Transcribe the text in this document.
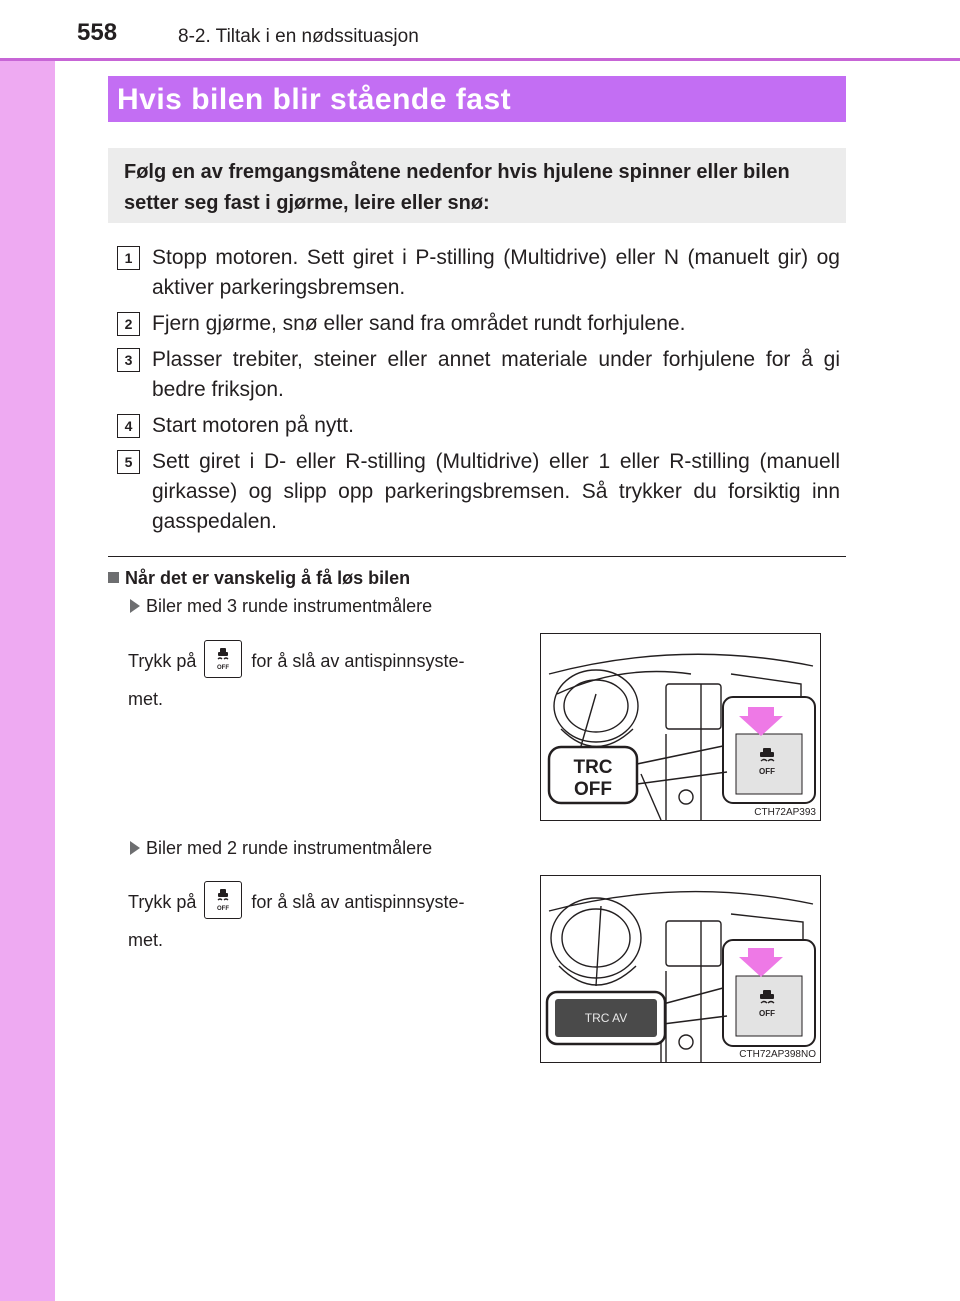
558	8-2. Tiltak i en nødssituasjon
Hvis bilen blir stående fast

Følg en av fremgangsmåtene nedenfor hvis hjulene spinner eller bilen setter seg fast i gjørme, leire eller snø:

1 Stopp motoren. Sett giret i P-stilling (Multidrive) eller N (manuelt gir) og aktiver parkeringsbremsen.
2 Fjern gjørme, snø eller sand fra området rundt forhjulene.
3 Plasser trebiter, steiner eller annet materiale under forhjulene for å gi bedre friksjon.
4 Start motoren på nytt.
5 Sett giret i D- eller R-stilling (Multidrive) eller 1 eller R-stilling (manuell girkasse) og slipp opp parkeringsbremsen. Så trykker du forsiktig inn gasspedalen.
Når det er vanskelig å få løs bilen
Biler med 3 runde instrumentmålere
Trykk på	OFF for å slå av antispinnsyste-
met.
OFF
TRC
OFF
CTH72AP393
Biler med 2 runde instrumentmålere
Trykk på	OFF for å slå av antispinnsyste-
met.
OFF
TRC AV
CTH72AP398NO
